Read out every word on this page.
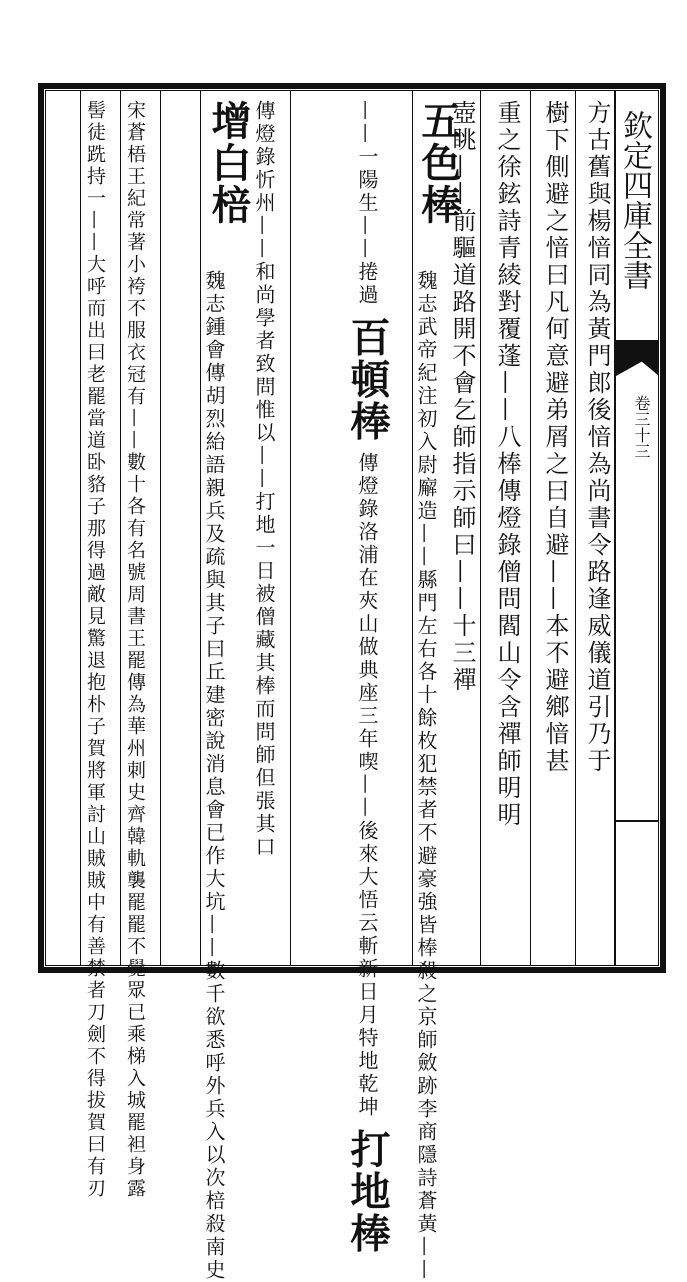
欽定四庫全書
卷三十三
方古舊與楊愔同為黃門郎後愔為尚書令路逢威儀道引乃于
樹下側避之愔曰凡何意避弟屑之曰自避——本不避鄉愔甚
重之徐鉉詩青綾對覆蓬——八棒傳燈錄僧問閻山令含禪師明明
壺眺——前驅道路開不會乞師指示師曰——十三禪
五色棒
魏志武帝紀注初入尉廨造——縣門左右各十餘枚犯禁者不避豪強皆棒殺之京師斂跡李商隱詩蒼黃——
——一陽生——捲過 百頓棒 傳燈錄洛浦在夾山做典座三年喫——後來大悟云斬新日月特地乾坤 打地棒
傳燈錄忻州——和尚學者致問惟以——打地一日被僧藏其棒而問師但張其口
增白棓
魏志鍾會傳胡烈紿語親兵及疏與其子曰丘建密說消息會已作大坑——數千欲悉呼外兵入以次棓殺南史
宋蒼梧王紀常著小袴不服衣冠有——數十各有名號周書王罷傳為華州刺史齊韓軌襲罷罷不覺眾已乘梯入城罷袒身露
髻徒跣持一——大呼而出曰老罷當道卧貉子那得過敵見驚退抱朴子賀將軍討山賊賊中有善禁者刀劍不得拔賀曰有刃
